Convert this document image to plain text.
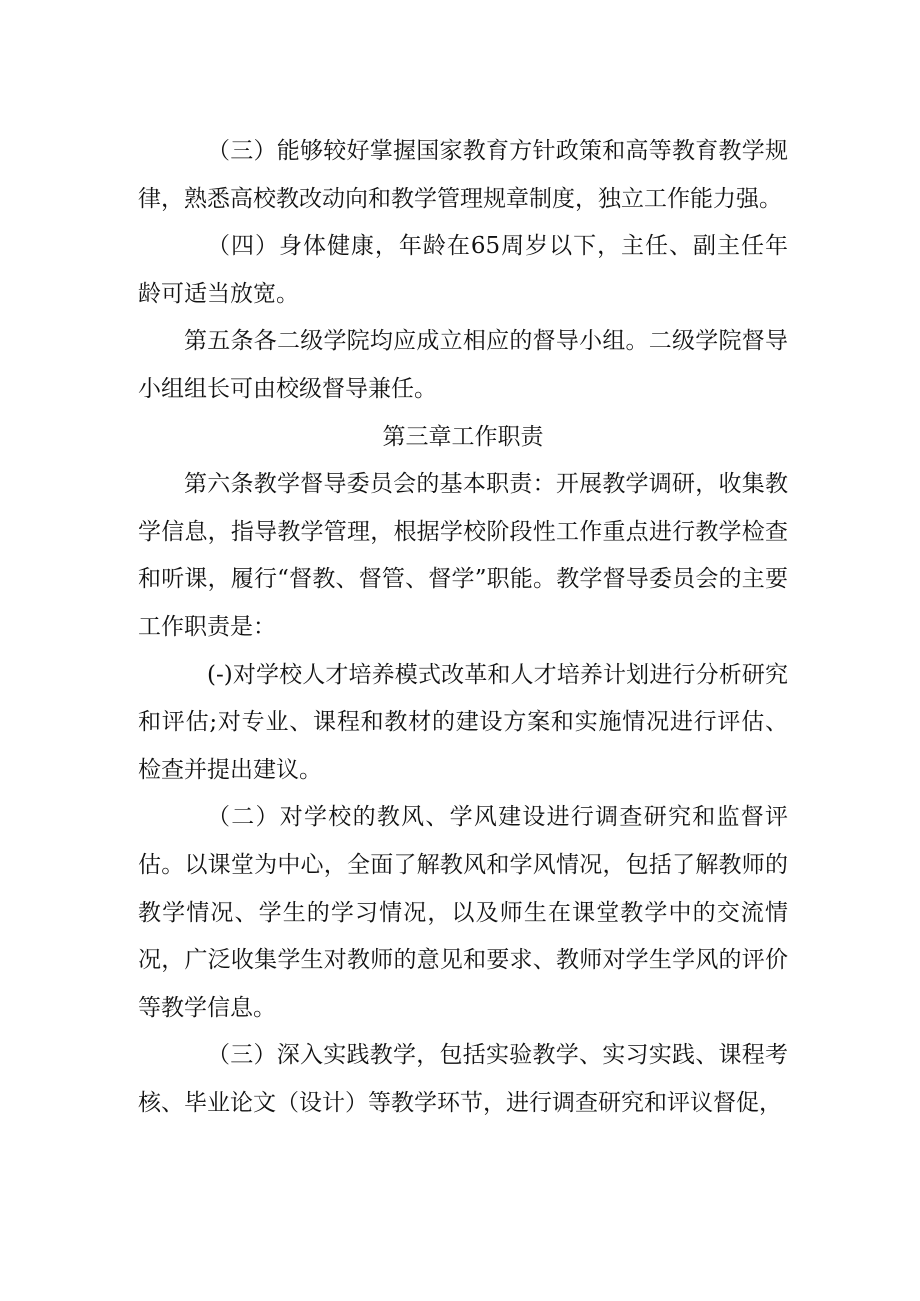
（三）能够较好掌握国家教育方针政策和高等教育教学规律，熟悉高校教改动向和教学管理规章制度，独立工作能力强。

（四）身体健康，年龄在65周岁以下，主任、副主任年龄可适当放宽。

第五条各二级学院均应成立相应的督导小组。二级学院督导小组组长可由校级督导兼任。

第三章工作职责

第六条教学督导委员会的基本职责：开展教学调研，收集教学信息，指导教学管理，根据学校阶段性工作重点进行教学检查和听课，履行“督教、督管、督学”职能。教学督导委员会的主要工作职责是：

(-)对学校人才培养模式改革和人才培养计划进行分析研究和评估;对专业、课程和教材的建设方案和实施情况进行评估、检查并提出建议。

（二）对学校的教风、学风建设进行调查研究和监督评估。以课堂为中心，全面了解教风和学风情况，包括了解教师的教学情况、学生的学习情况，以及师生在课堂教学中的交流情况，广泛收集学生对教师的意见和要求、教师对学生学风的评价等教学信息。

（三）深入实践教学，包括实验教学、实习实践、课程考核、毕业论文（设计）等教学环节，进行调查研究和评议督促，
